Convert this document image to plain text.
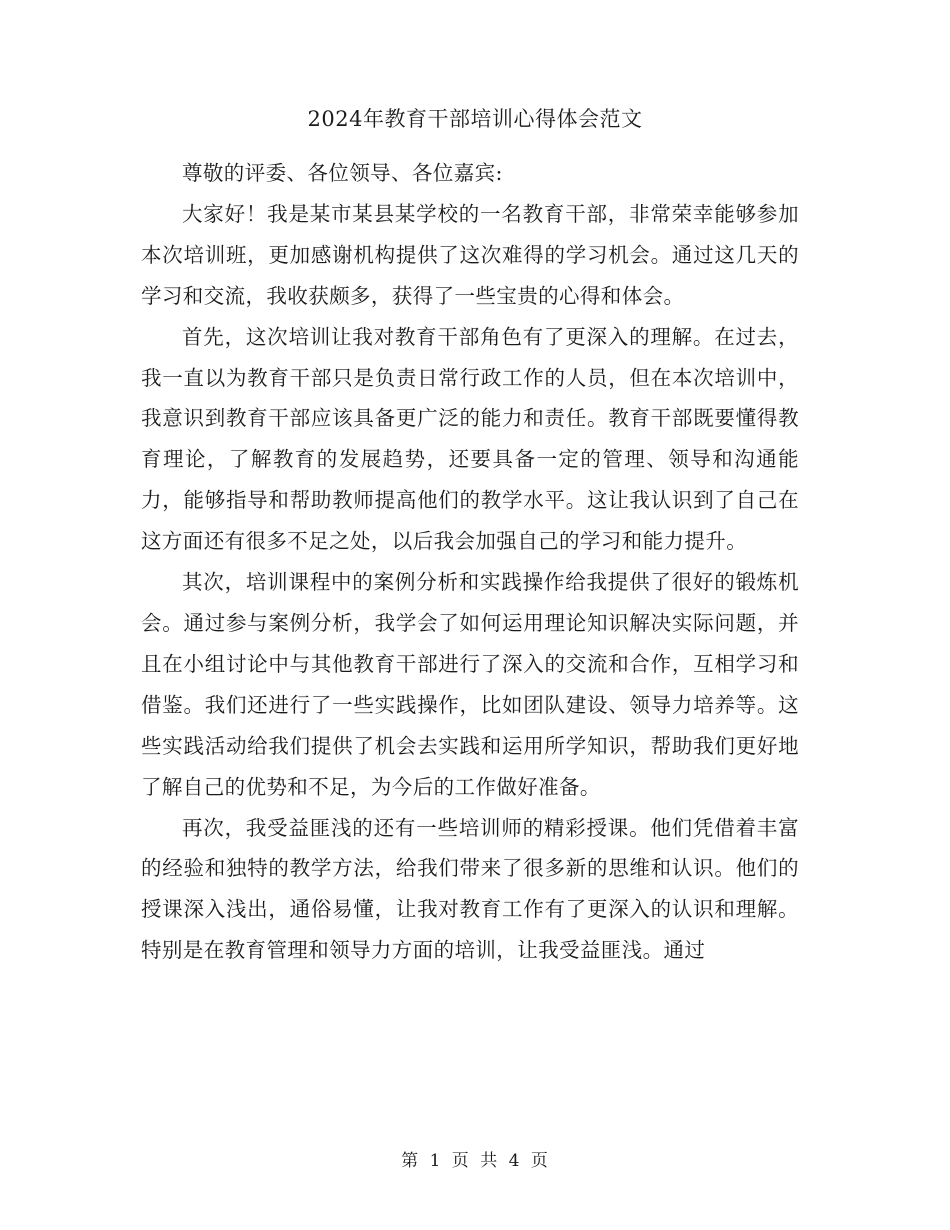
2024年教育干部培训心得体会范文

尊敬的评委、各位领导、各位嘉宾:

大家好！我是某市某县某学校的一名教育干部，非常荣幸能够参加本次培训班，更加感谢机构提供了这次难得的学习机会。通过这几天的学习和交流，我收获颇多，获得了一些宝贵的心得和体会。

首先，这次培训让我对教育干部角色有了更深入的理解。在过去，我一直以为教育干部只是负责日常行政工作的人员，但在本次培训中，我意识到教育干部应该具备更广泛的能力和责任。教育干部既要懂得教育理论，了解教育的发展趋势，还要具备一定的管理、领导和沟通能力，能够指导和帮助教师提高他们的教学水平。这让我认识到了自己在这方面还有很多不足之处，以后我会加强自己的学习和能力提升。

其次，培训课程中的案例分析和实践操作给我提供了很好的锻炼机会。通过参与案例分析，我学会了如何运用理论知识解决实际问题，并且在小组讨论中与其他教育干部进行了深入的交流和合作，互相学习和借鉴。我们还进行了一些实践操作，比如团队建设、领导力培养等。这些实践活动给我们提供了机会去实践和运用所学知识，帮助我们更好地了解自己的优势和不足，为今后的工作做好准备。

再次，我受益匪浅的还有一些培训师的精彩授课。他们凭借着丰富的经验和独特的教学方法，给我们带来了很多新的思维和认识。他们的授课深入浅出，通俗易懂，让我对教育工作有了更深入的认识和理解。特别是在教育管理和领导力方面的培训，让我受益匪浅。通过

第 1 页 共 4 页
